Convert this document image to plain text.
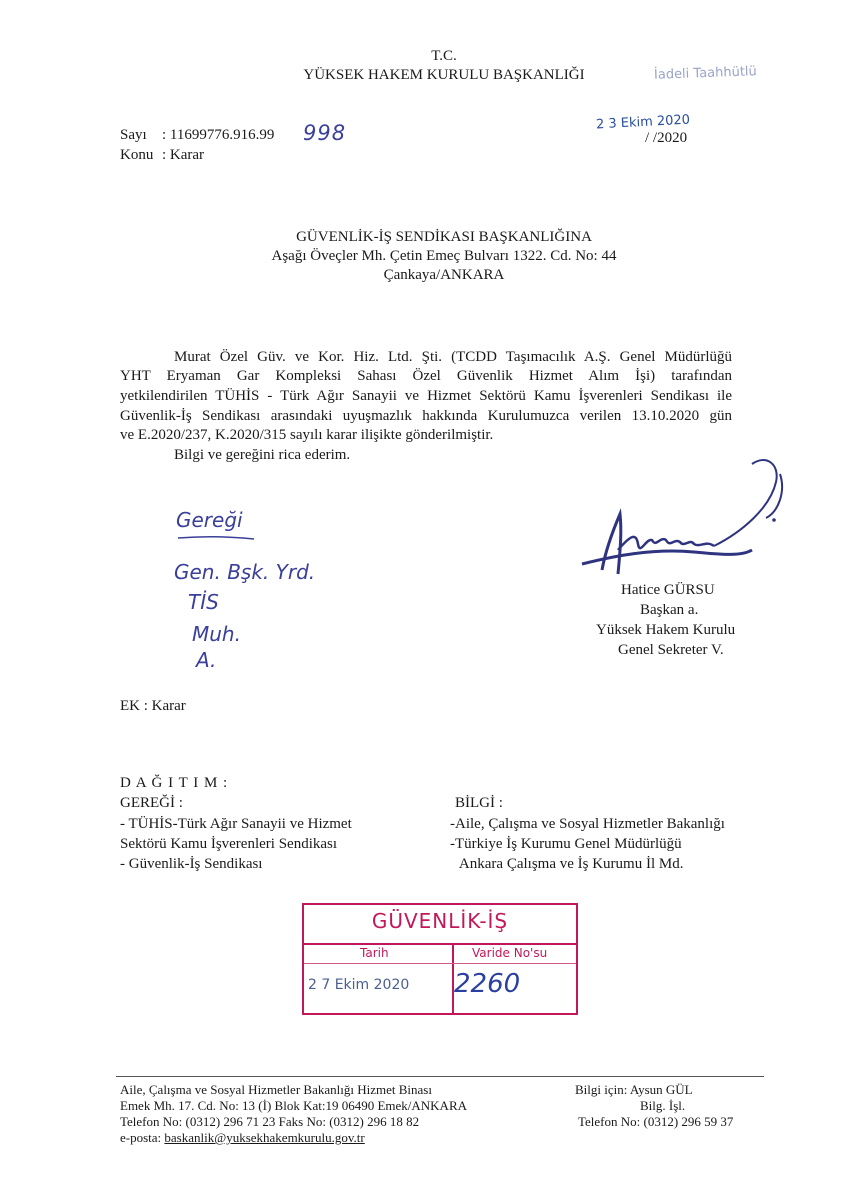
T.C.
YÜKSEK HAKEM KURULU BAŞKANLIĞI	İadeli Taahhütlü
Sayı : 11699776.916.99 998
Konu : Karar
2 3 Ekim 2020
/ /2020
GÜVENLİK-İŞ SENDİKASI BAŞKANLIĞINA
Aşağı Öveçler Mh. Çetin Emeç Bulvarı 1322. Cd. No: 44
Çankaya/ANKARA
Murat Özel Güv. ve Kor. Hiz. Ltd. Şti. (TCDD Taşımacılık A.Ş. Genel Müdürlüğü
YHT Eryaman Gar Kompleksi Sahası Özel Güvenlik Hizmet Alım İşi) tarafından
yetkilendirilen TÜHİS - Türk Ağır Sanayii ve Hizmet Sektörü Kamu İşverenleri Sendikası ile
Güvenlik-İş Sendikası arasındaki uyuşmazlık hakkında Kurulumuzca verilen 13.10.2020 gün
ve E.2020/237, K.2020/315 sayılı karar ilişikte gönderilmiştir.
Bilgi ve gereğini rica ederim.
Gereği
Gen. Bşk. Yrd.
TİS
Muh.
A.
Hatice GÜRSU
Başkan a.
Yüksek Hakem Kurulu
Genel Sekreter V.
EK : Karar
D A Ğ I T I M :
GEREĞİ :
- TÜHİS-Türk Ağır Sanayii ve Hizmet
Sektörü Kamu İşverenleri Sendikası
- Güvenlik-İş Sendikası
BİLGİ :
-Aile, Çalışma ve Sosyal Hizmetler Bakanlığı
-Türkiye İş Kurumu Genel Müdürlüğü
Ankara Çalışma ve İş Kurumu İl Md.
GÜVENLİK-İŞ
Tarih	Varide No'su
2 7 Ekim 2020 2260
Aile, Çalışma ve Sosyal Hizmetler Bakanlığı Hizmet Binası
Emek Mh. 17. Cd. No: 13 (İ) Blok Kat:19 06490 Emek/ANKARA
Telefon No: (0312) 296 71 23 Faks No: (0312) 296 18 82
e-posta: baskanlik@yuksekhakemkurulu.gov.tr
Bilgi için: Aysun GÜL
Bilg. İşl.
Telefon No: (0312) 296 59 37
